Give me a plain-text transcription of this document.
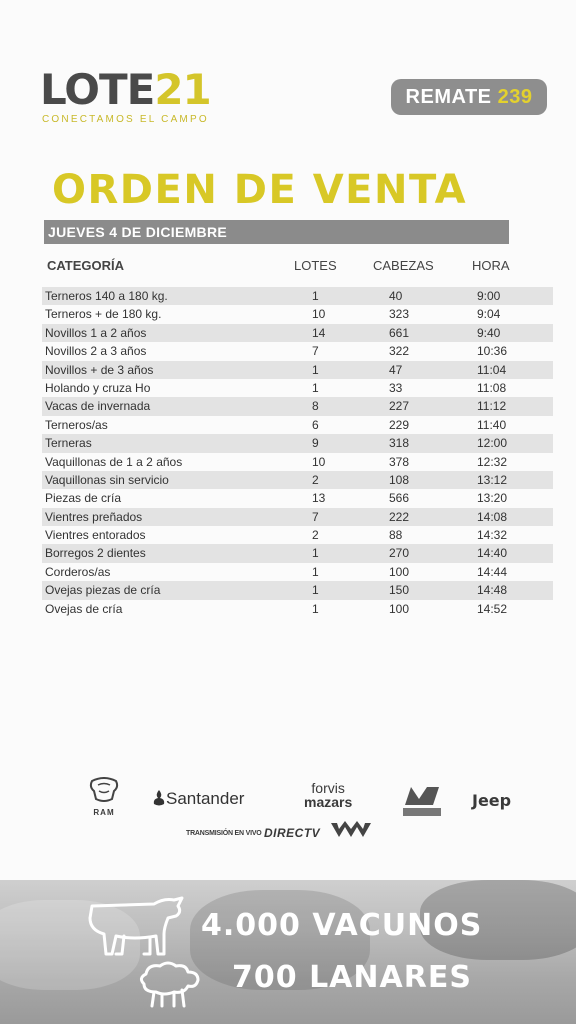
LOTE21
CONECTAMOS EL CAMPO
REMATE 239
ORDEN DE VENTA
JUEVES 4 DE DICIEMBRE
CATEGORÍA	LOTES	CABEZAS	HORA
Terneros 140 a 180 kg.	1	40	9:00
Terneros + de 180 kg.	10	323	9:04
Novillos 1 a 2 años	14	661	9:40
Novillos 2 a 3 años	7	322	10:36
Novillos + de 3 años	1	47	11:04
Holando y cruza Ho	1	33	11:08
Vacas de invernada	8	227	11:12
Terneros/as	6	229	11:40
Terneras	9	318	12:00
Vaquillonas de 1 a 2 años	10	378	12:32
Vaquillonas sin servicio	2	108	13:12
Piezas de cría	13	566	13:20
Vientres preñados	7	222	14:08
Vientres entorados	2	88	14:32
Borregos 2 dientes	1	270	14:40
Corderos/as	1	100	14:44
Ovejas piezas de cría	1	150	14:48
Ovejas de cría	1	100	14:52
RAM
Santander
forvis
mazars	Jeep
TRANSMISIÓN EN VIVO DIRECTV
4.000 VACUNOS
700 LANARES
